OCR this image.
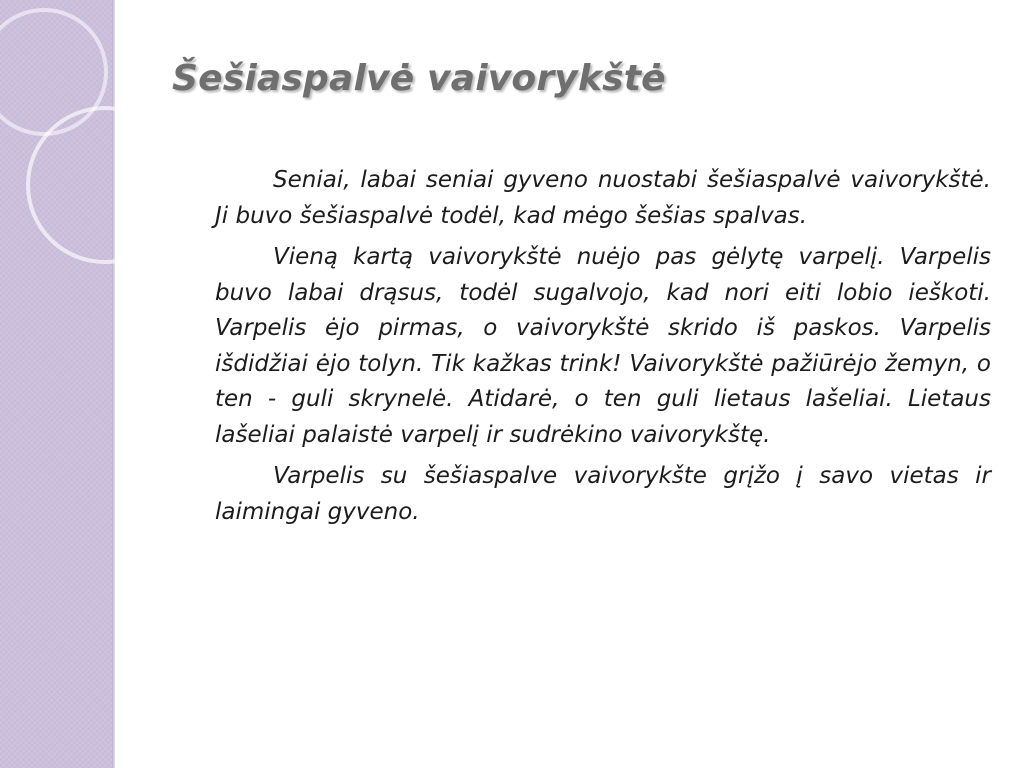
Šešiaspalvė vaivorykštė

Seniai, labai seniai gyveno nuostabi šešiaspalvė vaivorykštė. Ji buvo šešiaspalvė todėl, kad mėgo šešias spalvas.

Vieną kartą vaivorykštė nuėjo pas gėlytę varpelį. Varpelis buvo labai drąsus, todėl sugalvojo, kad nori eiti lobio ieškoti. Varpelis ėjo pirmas, o vaivorykštė skrido iš paskos. Varpelis išdidžiai ėjo tolyn. Tik kažkas trink! Vaivorykštė pažiūrėjo žemyn, o ten - guli skrynelė. Atidarė, o ten guli lietaus lašeliai. Lietaus lašeliai palaistė varpelį ir sudrėkino vaivorykštę.

Varpelis su šešiaspalve vaivorykšte grįžo į savo vietas ir laimingai gyveno.
